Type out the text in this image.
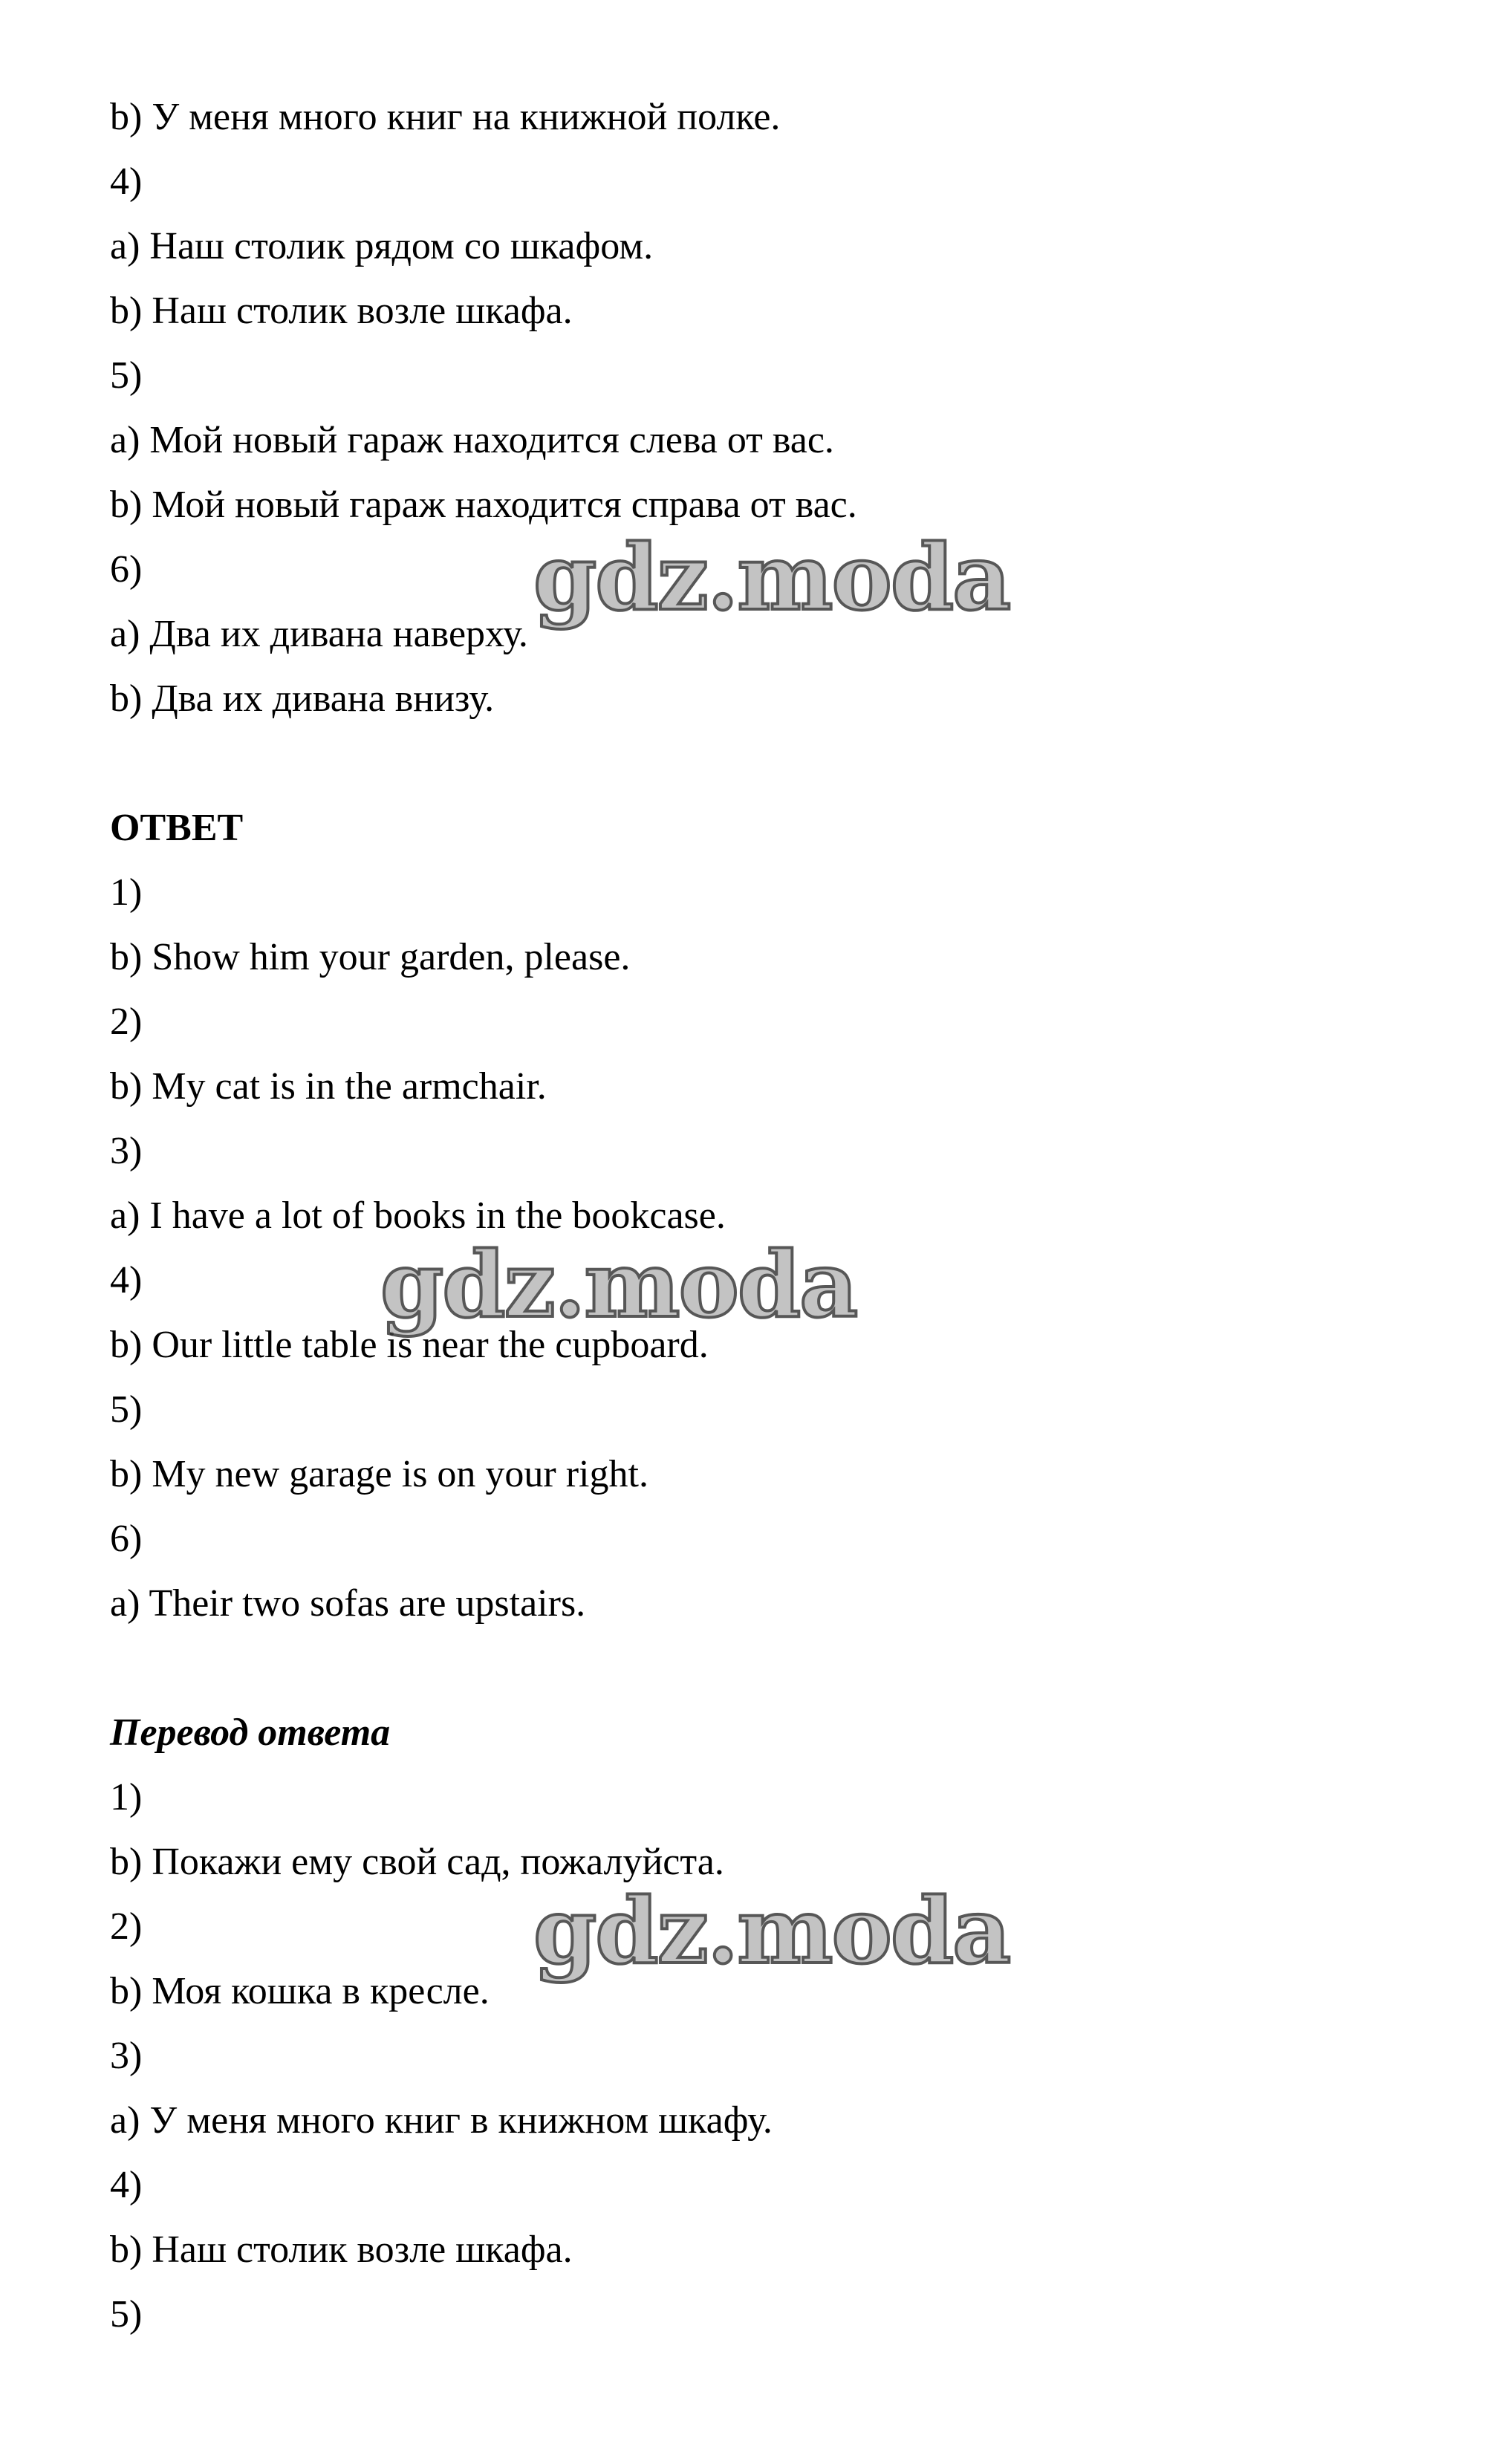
b) У меня много книг на книжной полке.
4)
a) Наш столик рядом со шкафом.
b) Наш столик возле шкафа.
5)
a) Мой новый гараж находится слева от вас.
b) Мой новый гараж находится справа от вас.
6)
a) Два их дивана наверху.
b) Два их дивана внизу.
ОТВЕТ
1)
b) Show him your garden, please.
2)
b) My cat is in the armchair.
3)
a) I have a lot of books in the bookcase.
4)
b) Our little table is near the cupboard.
5)
b) My new garage is on your right.
6)
a) Their two sofas are upstairs.
Перевод ответа
1)
b) Покажи ему свой сад, пожалуйста.
2)
b) Моя кошка в кресле.
3)
a) У меня много книг в книжном шкафу.
4)
b) Наш столик возле шкафа.
5)
gdz.moda
gdz.moda
gdz.moda
